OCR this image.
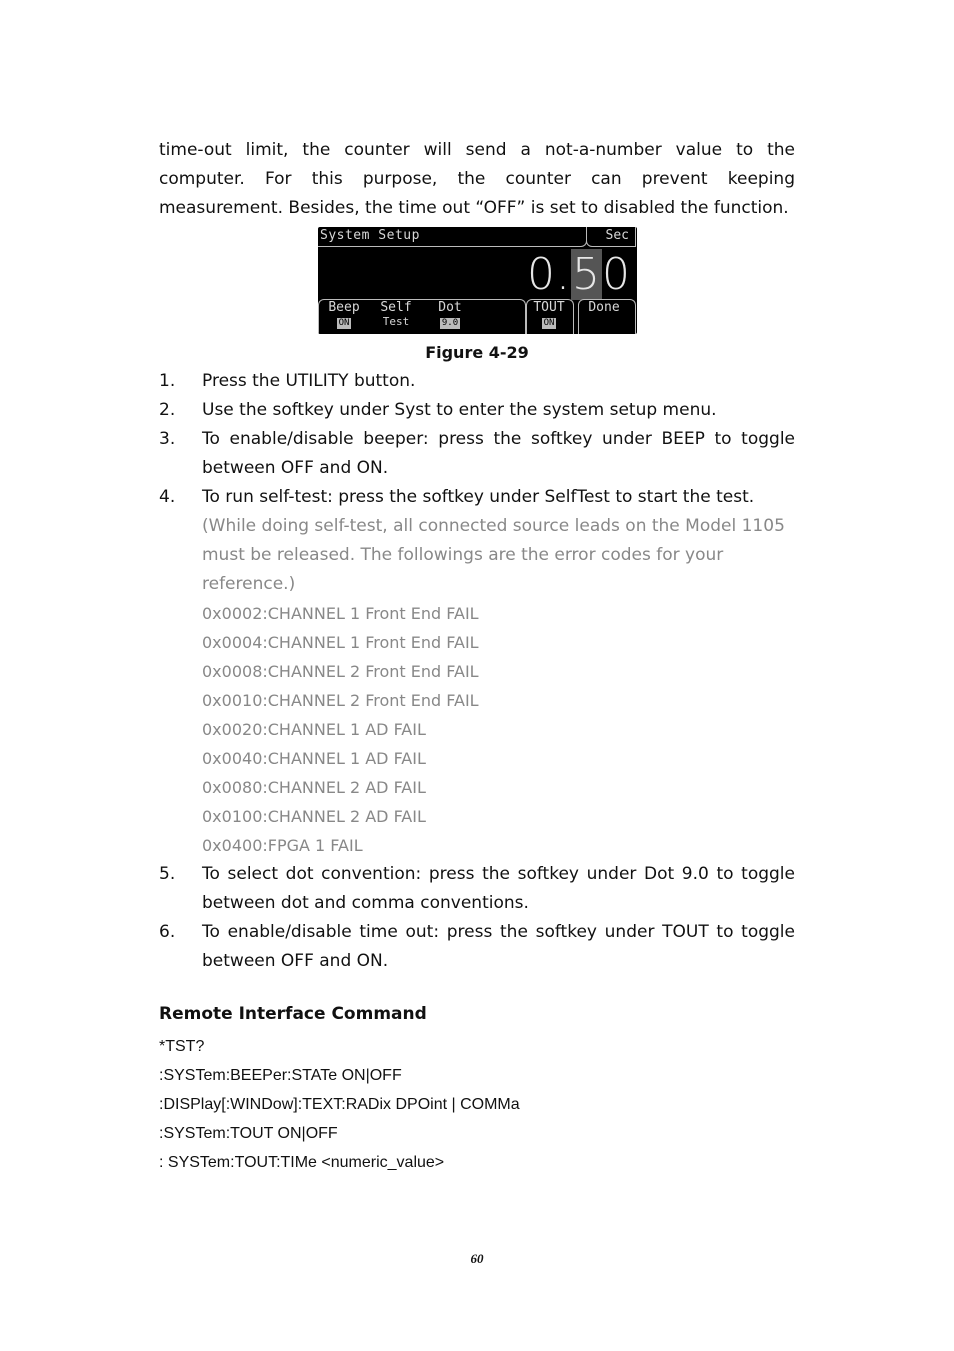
time-out limit, the counter will send a not-a-number value to the
computer. For this purpose, the counter can prevent keeping
measurement. Besides, the time out “OFF” is set to disabled the function.
System Setup	Sec
0.50
Beep
ON
Self
Test
Dot
9.0
TOUT
ON
Done
Figure 4-29
1. Press the UTILITY button.
2. Use the softkey under Syst to enter the system setup menu.
3. To enable/disable beeper: press the softkey under BEEP to toggle
between OFF and ON.
4. To run self-test: press the softkey under SelfTest to start the test.
(While doing self-test, all connected source leads on the Model 1105
must be released. The followings are the error codes for your
reference.)
0x0002:CHANNEL 1 Front End FAIL
0x0004:CHANNEL 1 Front End FAIL
0x0008:CHANNEL 2 Front End FAIL
0x0010:CHANNEL 2 Front End FAIL
0x0020:CHANNEL 1 AD FAIL
0x0040:CHANNEL 1 AD FAIL
0x0080:CHANNEL 2 AD FAIL
0x0100:CHANNEL 2 AD FAIL
0x0400:FPGA 1 FAIL
5. To select dot convention: press the softkey under Dot 9.0 to toggle
between dot and comma conventions.
6. To enable/disable time out: press the softkey under TOUT to toggle
between OFF and ON.
Remote Interface Command
*TST?
:SYSTem:BEEPer:STATe ON|OFF
:DISPlay[:WINDow]:TEXT:RADix DPOint | COMMa
:SYSTem:TOUT ON|OFF
: SYSTem:TOUT:TIMe <numeric_value>
60
